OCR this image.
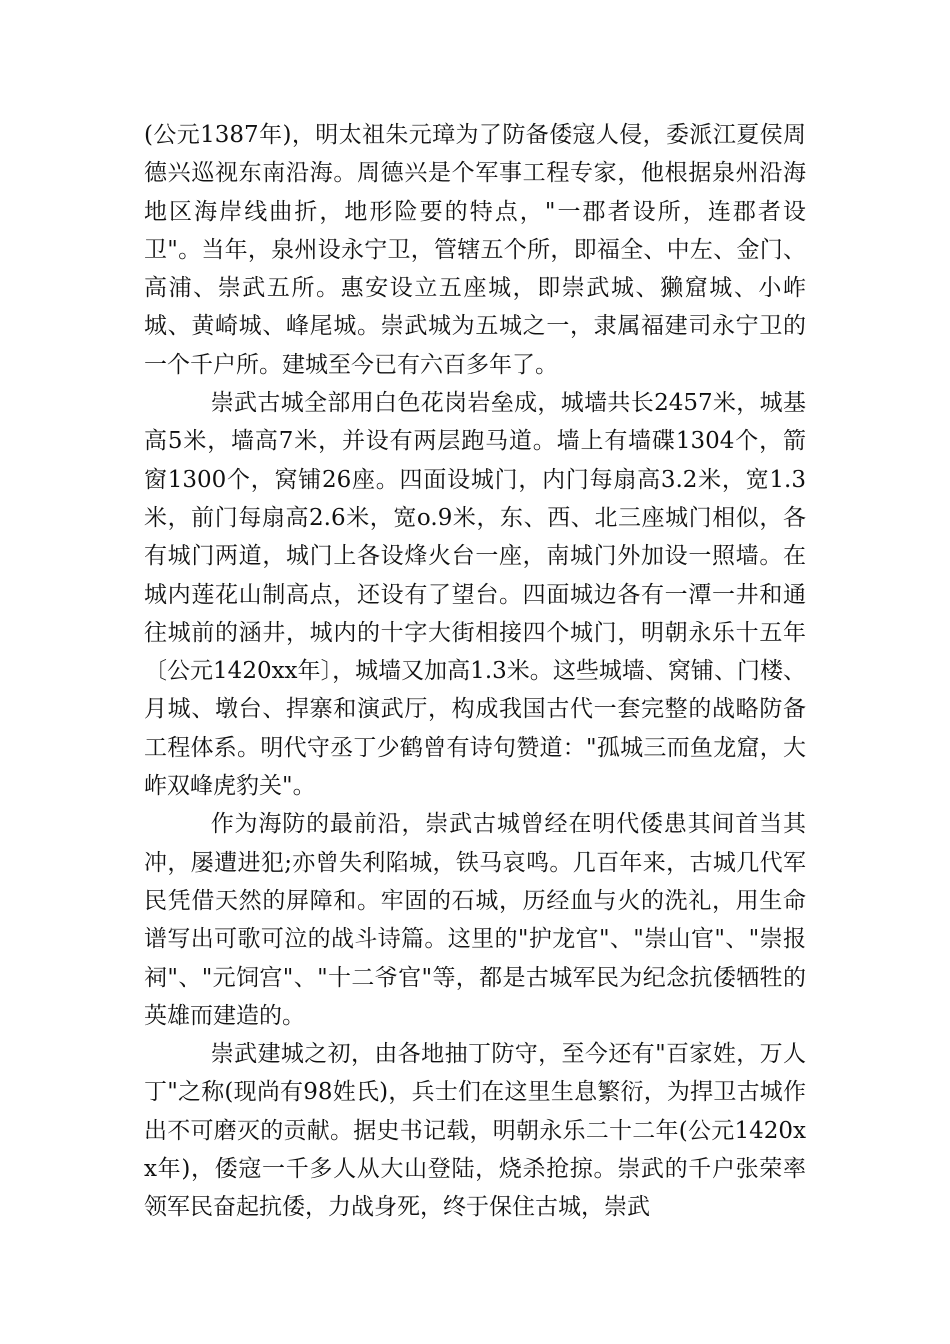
(公元1387年)，明太祖朱元璋为了防备倭寇人侵，委派江夏侯周德兴巡视东南沿海。周德兴是个军事工程专家，他根据泉州沿海地区海岸线曲折，地形险要的特点，"一郡者设所，连郡者设卫"。当年，泉州设永宁卫，管辖五个所，即福全、中左、金门、高浦、崇武五所。惠安设立五座城，即崇武城、獭窟城、小岞城、黄崎城、峰尾城。崇武城为五城之一，隶属福建司永宁卫的一个千户所。建城至今已有六百多年了。

崇武古城全部用白色花岗岩垒成，城墙共长2457米，城基高5米，墙高7米，并设有两层跑马道。墙上有墙碟1304个，箭窗1300个，窝铺26座。四面设城门，内门每扇高3.2米，宽1.3米，前门每扇高2.6米，宽o.9米，东、西、北三座城门相似，各有城门两道，城门上各设烽火台一座，南城门外加设一照墙。在城内莲花山制高点，还设有了望台。四面城边各有一潭一井和通往城前的涵井，城内的十字大街相接四个城门，明朝永乐十五年〔公元1420xx年〕，城墙又加高1.3米。这些城墙、窝铺、门楼、月城、墩台、捍寨和演武厅，构成我国古代一套完整的战略防备工程体系。明代守丞丁少鹤曾有诗句赞道："孤城三而鱼龙窟，大岞双峰虎豹关"。

作为海防的最前沿，崇武古城曾经在明代倭患其间首当其冲，屡遭进犯;亦曾失利陷城，铁马哀鸣。几百年来，古城几代军民凭借天然的屏障和。牢固的石城，历经血与火的洗礼，用生命谱写出可歌可泣的战斗诗篇。这里的"护龙官"、"崇山官"、"崇报祠"、"元饲宫"、"十二爷官"等，都是古城军民为纪念抗倭牺牲的英雄而建造的。

崇武建城之初，由各地抽丁防守，至今还有"百家姓，万人丁"之称(现尚有98姓氏)，兵士们在这里生息繁衍，为捍卫古城作出不可磨灭的贡献。据史书记载，明朝永乐二十二年(公元1420xx年)，倭寇一千多人从大山登陆，烧杀抢掠。崇武的千户张荣率领军民奋起抗倭，力战身死，终于保住古城，崇武
